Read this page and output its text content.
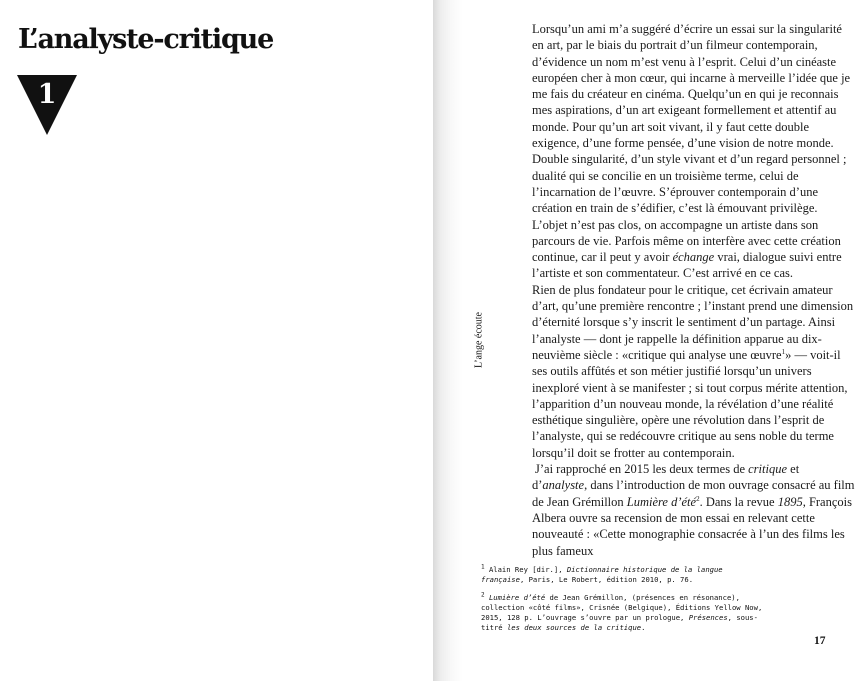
L’analyste-critique
1
L’ange écoute

Lorsqu’un ami m’a suggéré d’écrire un essai sur la singularité en art, par le biais du portrait d’un filmeur contemporain, d’évidence un nom m’est venu à l’esprit. Celui d’un cinéaste européen cher à mon cœur, qui incarne à merveille l’idée que je me fais du créateur en cinéma. Quelqu’un en qui je reconnais mes aspirations, d’un art exigeant formellement et attentif au monde. Pour qu’un art soit vivant, il y faut cette double exigence, d’une forme pensée, d’une vision de notre monde. Double singularité, d’un style vivant et d’un regard personnel ; dualité qui se concilie en un troisième terme, celui de l’incarnation de l’œuvre. S’éprouver contemporain d’une création en train de s’édifier, c’est là émouvant privilège. L’objet n’est pas clos, on accompagne un artiste dans son parcours de vie. Parfois même on interfère avec cette création continue, car il peut y avoir échange vrai, dialogue suivi entre l’artiste et son commentateur. C’est arrivé en ce cas.

Rien de plus fondateur pour le critique, cet écrivain amateur d’art, qu’une première rencontre ; l’instant prend une dimension d’éternité lorsque s’y inscrit le sentiment d’un partage. Ainsi l’analyste — dont je rappelle la définition apparue au dix-neuvième siècle : «critique qui analyse une œuvre$^1$» — voit-il ses outils affûtés et son métier justifié lorsqu’un univers inexploré vient à se manifester ; si tout corpus mérite attention, l’apparition d’un nouveau monde, la révélation d’une réalité esthétique singulière, opère une révolution dans l’esprit de l’analyste, qui se redécouvre critique au sens noble du terme lorsqu’il doit se frotter au contemporain.

J’ai rapproché en 2015 les deux termes de critique et d’analyste, dans l’introduction de mon ouvrage consacré au film de Jean Grémillon Lumière d’été$^2$. Dans la revue 1895, François Albera ouvre sa recension de mon essai en relevant cette nouveauté : «Cette monographie consacrée à l’un des films les plus fameux

$^1$ Alain Rey [dir.], Dictionnaire historique de la langue française, Paris, Le Robert, édition 2010, p. 76.

$^2$ Lumière d’été de Jean Grémillon, (présences en résonance), collection «côté films», Crisnée (Belgique), Éditions Yellow Now, 2015, 128 p. L’ouvrage s’ouvre par un prologue, Présences, sous-titré les deux sources de la critique.

17
